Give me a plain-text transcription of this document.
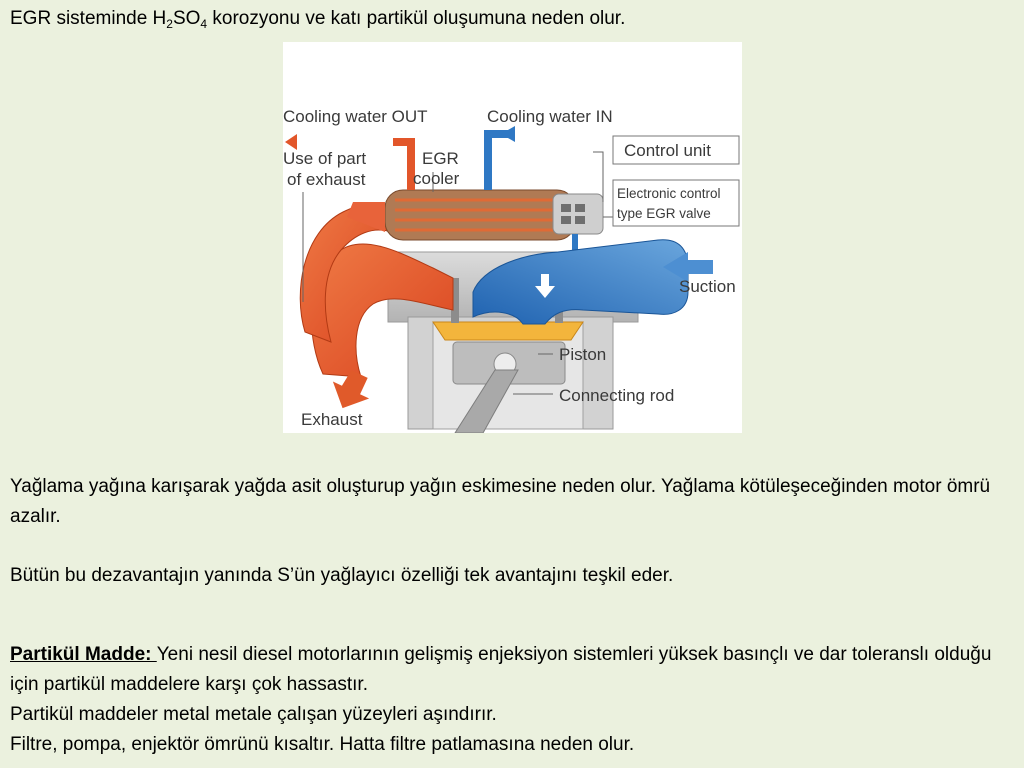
EGR sisteminde $H_2SO_4$ korozyonu ve katı partikül oluşumuna neden olur.
Cooling water OUT	Cooling water IN
Use of part
of exhaust
EGR
cooler
Control unit
Electronic control
type EGR valve
Suction
Piston
Connecting rod
Exhaust

Yağlama yağına karışarak yağda asit oluşturup yağın eskimesine neden olur. Yağlama kötüleşeceğinden motor ömrü azalır.

Bütün bu dezavantajın yanında S’ün yağlayıcı özelliği tek avantajını teşkil eder.

Partikül Madde: Yeni nesil diesel motorlarının gelişmiş enjeksiyon sistemleri yüksek basınçlı ve dar toleranslı olduğu için partikül maddelere karşı çok hassastır.
Partikül maddeler metal metale çalışan yüzeyleri aşındırır.
Filtre, pompa, enjektör ömrünü kısaltır. Hatta filtre patlamasına neden olur.
